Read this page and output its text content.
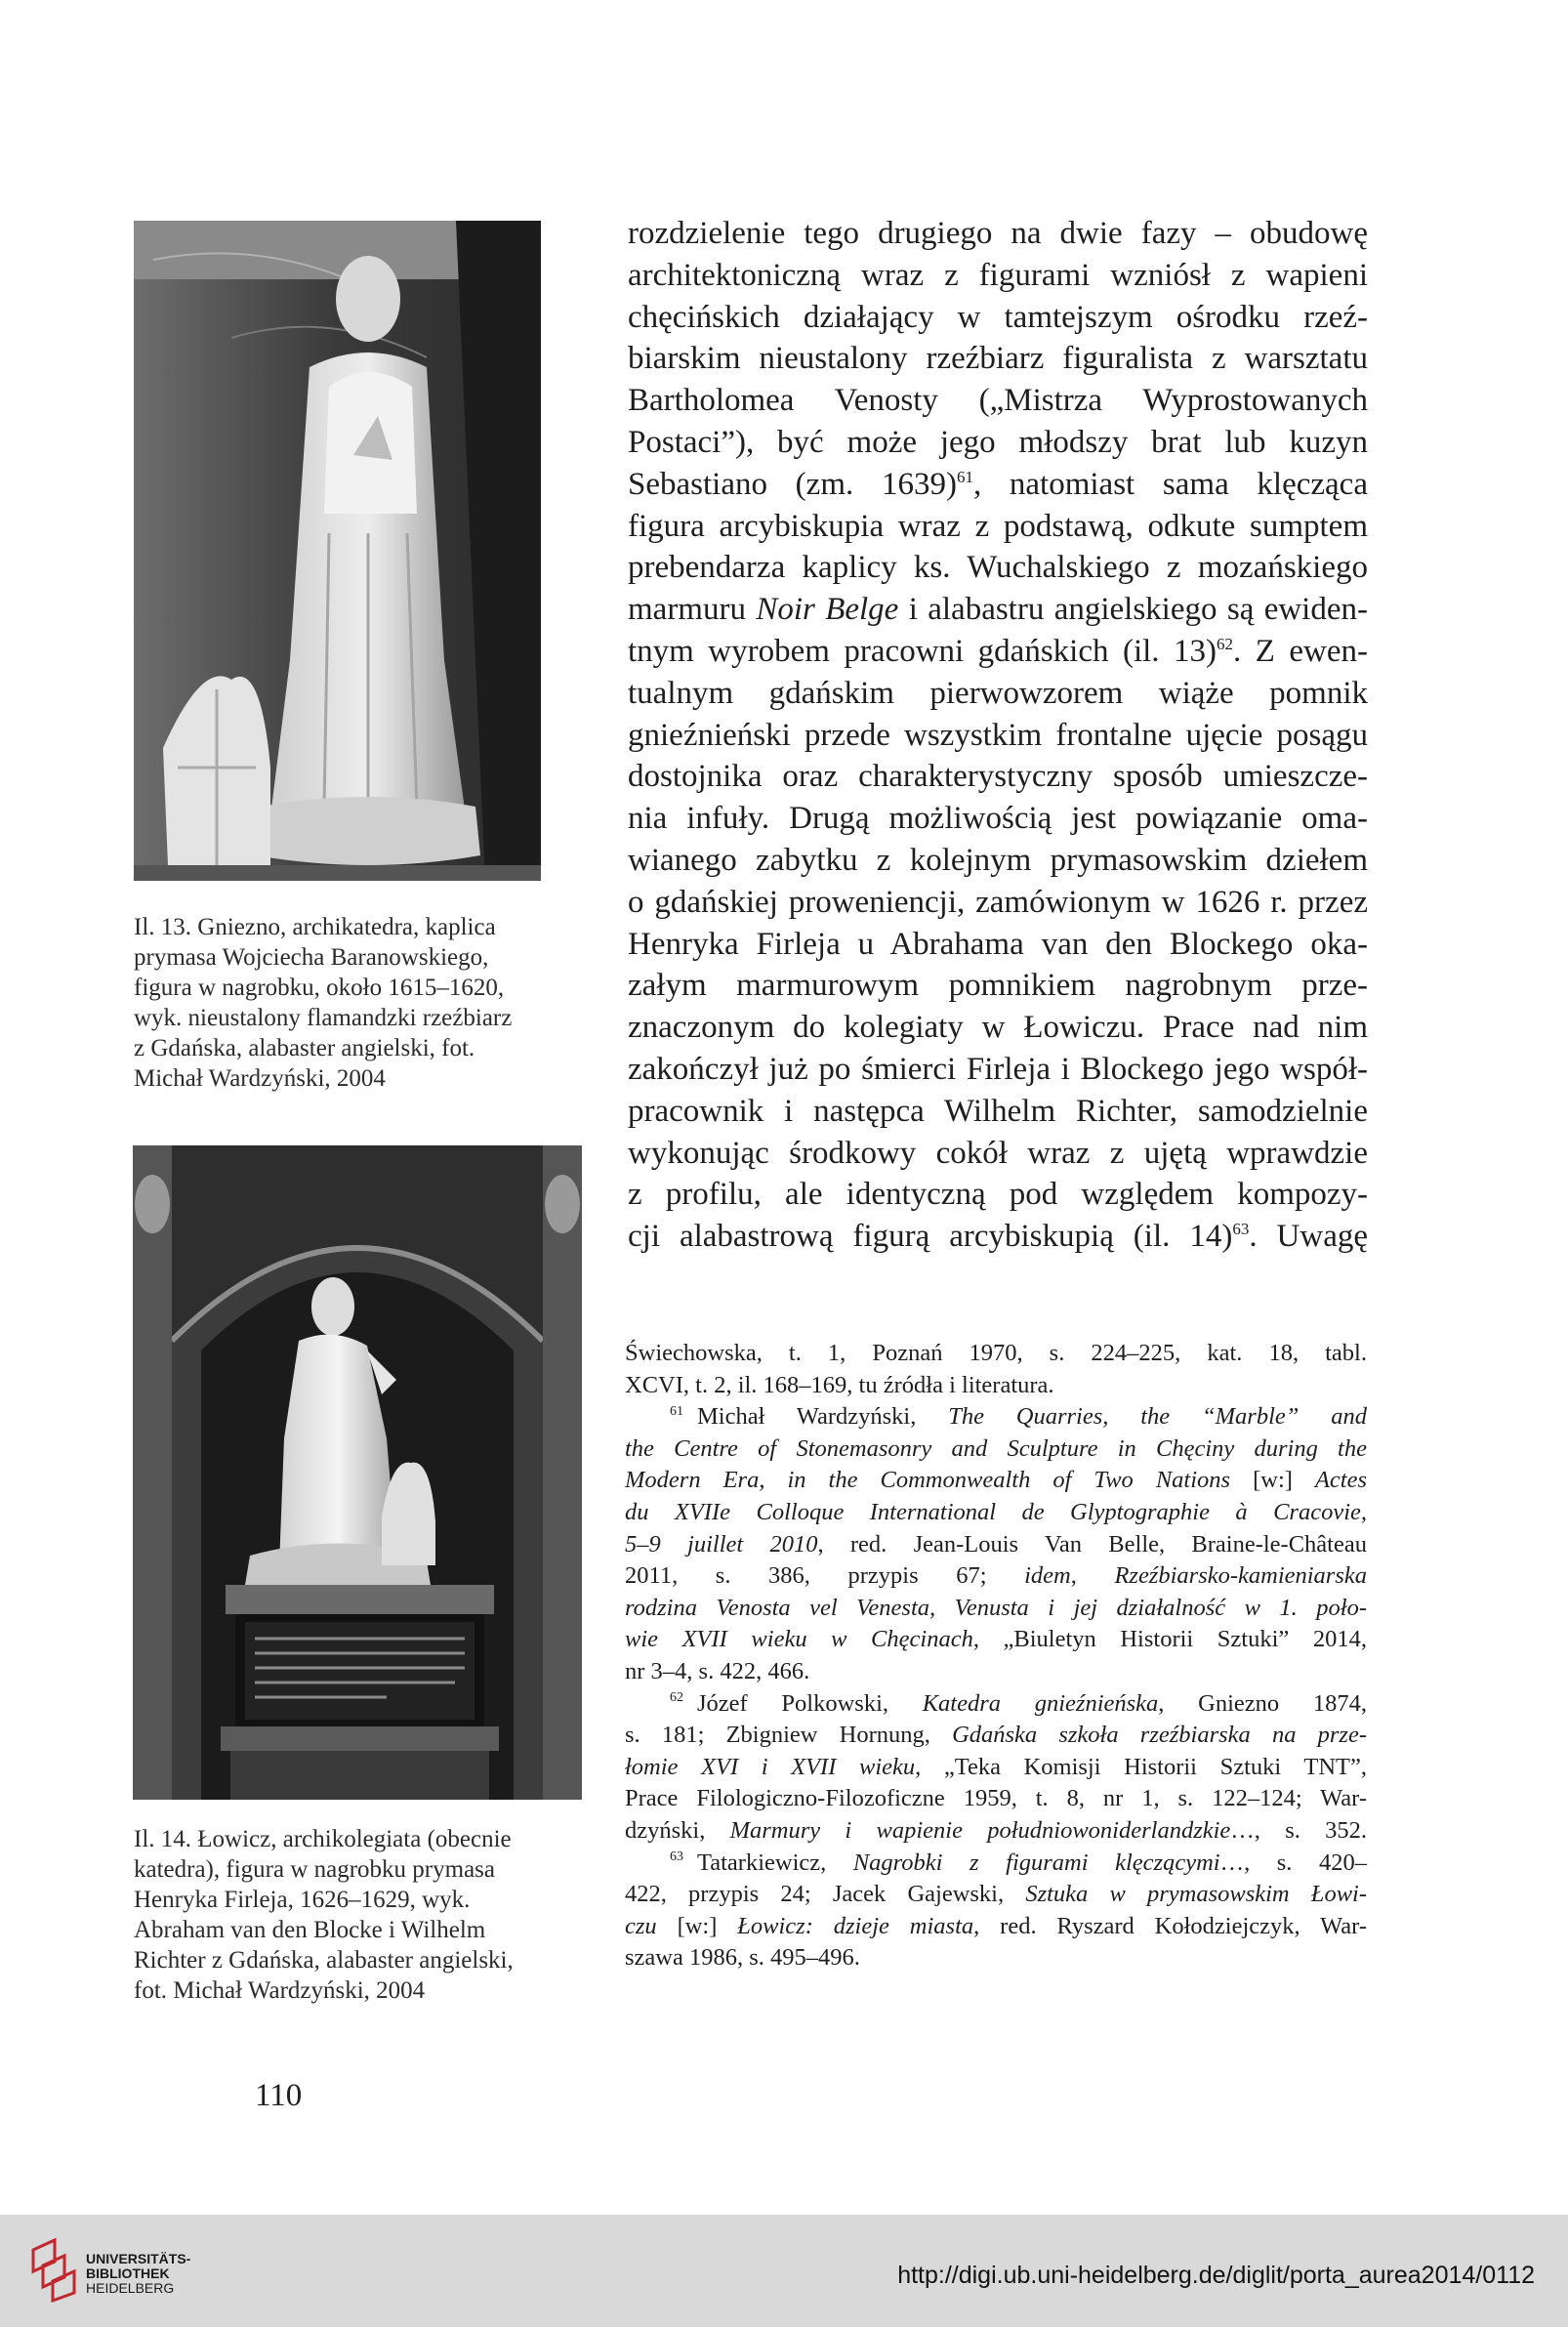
Il. 13. Gniezno, archikatedra, kaplica
prymasa Wojciecha Baranowskiego,
figura w nagrobku, około 1615–1620,
wyk. nieustalony flamandzki rzeźbiarz
z Gdańska, alabaster angielski, fot.
Michał Wardzyński, 2004
Il. 14. Łowicz, archikolegiata (obecnie
katedra), figura w nagrobku prymasa
Henryka Firleja, 1626–1629, wyk.
Abraham van den Blocke i Wilhelm
Richter z Gdańska, alabaster angielski,
fot. Michał Wardzyński, 2004
rozdzielenie tego drugiego na dwie fazy – obudowę
architektoniczną wraz z figurami wzniósł z wapieni
chęcińskich działający w tamtejszym ośrodku rzeź-
biarskim nieustalony rzeźbiarz figuralista z warsztatu
Bartholomea Venosty („Mistrza Wyprostowanych
Postaci”), być może jego młodszy brat lub kuzyn
Sebastiano (zm. 1639)$^{61}$, natomiast sama klęcząca
figura arcybiskupia wraz z podstawą, odkute sumptem
prebendarza kaplicy ks. Wuchalskiego z mozańskiego
marmuru Noir Belge i alabastru angielskiego są ewiden-
tnym wyrobem pracowni gdańskich (il. 13)$^{62}$. Z ewen-
tualnym gdańskim pierwowzorem wiąże pomnik
gnieźnieński przede wszystkim frontalne ujęcie posągu
dostojnika oraz charakterystyczny sposób umieszcze-
nia infuły. Drugą możliwością jest powiązanie oma-
wianego zabytku z kolejnym prymasowskim dziełem
o gdańskiej proweniencji, zamówionym w 1626 r. przez
Henryka Firleja u Abrahama van den Blockego oka-
załym marmurowym pomnikiem nagrobnym prze-
znaczonym do kolegiaty w Łowiczu. Prace nad nim
zakończył już po śmierci Firleja i Blockego jego współ-
pracownik i następca Wilhelm Richter, samodzielnie
wykonując środkowy cokół wraz z ujętą wprawdzie
z profilu, ale identyczną pod względem kompozy-
cji alabastrową figurą arcybiskupią (il. 14)$^{63}$. Uwagę
Świechowska, t. 1, Poznań 1970, s. 224–225, kat. 18, tabl.
XCVI, t. 2, il. 168–169, tu źródła i literatura.
$^{61}$ Michał Wardzyński, The Quarries, the “Marble” and
the Centre of Stonemasonry and Sculpture in Chęciny during the
Modern Era, in the Commonwealth of Two Nations [w:] Actes
du XVIIe Colloque International de Glyptographie à Cracovie,
5–9 juillet 2010, red. Jean-Louis Van Belle, Braine-le-Château
2011, s. 386, przypis 67; idem, Rzeźbiarsko-kamieniarska
rodzina Venosta vel Venesta, Venusta i jej działalność w 1. poło-
wie XVII wieku w Chęcinach, „Biuletyn Historii Sztuki” 2014,
nr 3–4, s. 422, 466.
$^{62}$ Józef Polkowski, Katedra gnieźnieńska, Gniezno 1874,
s. 181; Zbigniew Hornung, Gdańska szkoła rzeźbiarska na prze-
łomie XVI i XVII wieku, „Teka Komisji Historii Sztuki TNT”,
Prace Filologiczno-Filozoficzne 1959, t. 8, nr 1, s. 122–124; War-
dzyński, Marmury i wapienie południowoniderlandzkie…, s. 352.
$^{63}$ Tatarkiewicz, Nagrobki z figurami klęczącymi…, s. 420–
422, przypis 24; Jacek Gajewski, Sztuka w prymasowskim Łowi-
czu [w:] Łowicz: dzieje miasta, red. Ryszard Kołodziejczyk, War-
szawa 1986, s. 495–496.
110
UNIVERSITÄTS-
BIBLIOTHEK
HEIDELBERG	http://digi.ub.uni-heidelberg.de/diglit/porta_aurea2014/0112
